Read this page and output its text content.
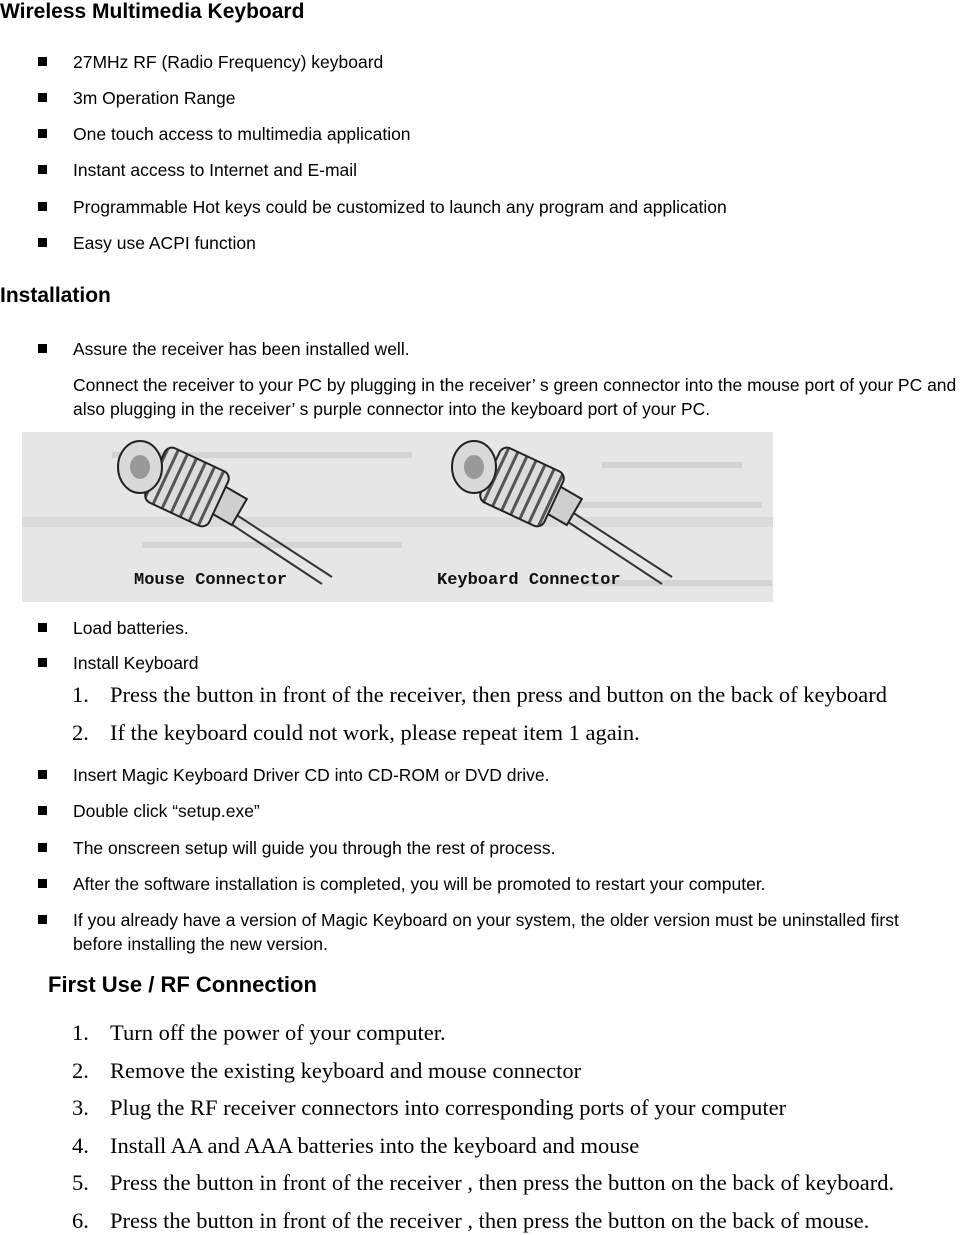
Wireless Multimedia Keyboard
27MHz RF (Radio Frequency) keyboard
3m Operation Range
One touch access to multimedia application
Instant access to Internet and E-mail
Programmable Hot keys could be customized to launch any program and application
Easy use ACPI function
Installation
Assure the receiver has been installed well.
Connect the receiver to your PC by plugging in the receiver’ s green connector into the mouse port of your PC and also plugging in the receiver’ s purple connector into the keyboard port of your PC.
Mouse Connector	Keyboard Connector
Load batteries.
Install Keyboard
1. Press the button in front of the receiver, then press and button on the back of keyboard
2. If the keyboard could not work, please repeat item 1 again.
Insert Magic Keyboard Driver CD into CD-ROM or DVD drive.
Double click “setup.exe”
The onscreen setup will guide you through the rest of process.
After the software installation is completed, you will be promoted to restart your computer.
If you already have a version of Magic Keyboard on your system, the older version must be uninstalled first before installing the new version.
First Use / RF Connection
1. Turn off the power of your computer.
2. Remove the existing keyboard and mouse connector
3. Plug the RF receiver connectors into corresponding ports of your computer
4. Install AA and AAA batteries into the keyboard and mouse
5. Press the button in front of the receiver , then press the button on the back of keyboard.
6. Press the button in front of the receiver , then press the button on the back of mouse.
